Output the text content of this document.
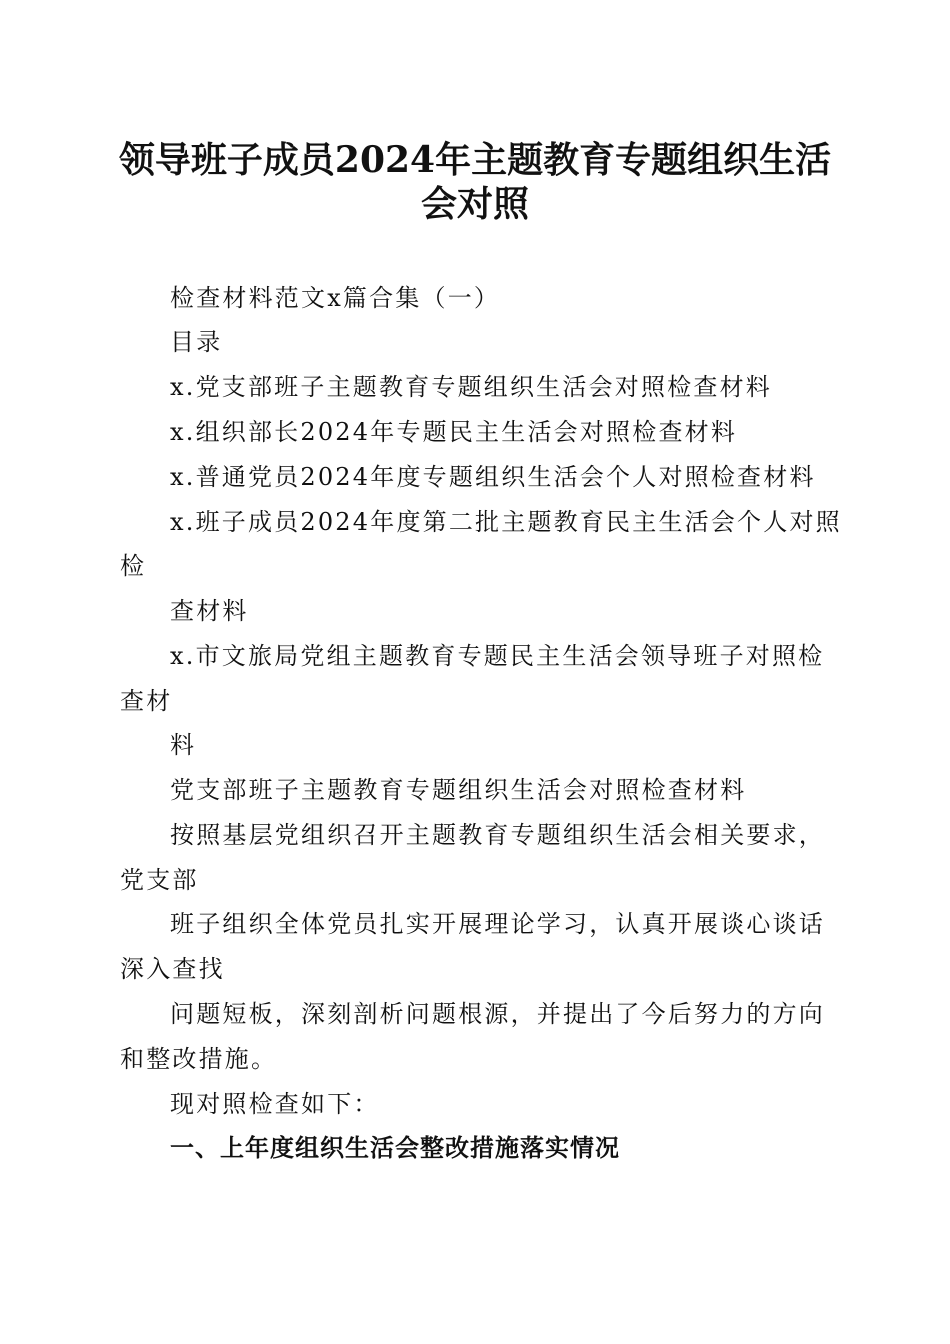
领导班子成员2024年主题教育专题组织生活
会对照
检查材料范文x篇合集（一）
目录
x.党支部班子主题教育专题组织生活会对照检查材料
x.组织部长2024年专题民主生活会对照检查材料
x.普通党员2024年度专题组织生活会个人对照检查材料
x.班子成员2024年度第二批主题教育民主生活会个人对照
检
查材料
x.市文旅局党组主题教育专题民主生活会领导班子对照检
查材
料
党支部班子主题教育专题组织生活会对照检查材料
按照基层党组织召开主题教育专题组织生活会相关要求，
党支部
班子组织全体党员扎实开展理论学习，认真开展谈心谈话
深入查找
问题短板，深刻剖析问题根源，并提出了今后努力的方向
和整改措施。
现对照检查如下：
一、上年度组织生活会整改措施落实情况
